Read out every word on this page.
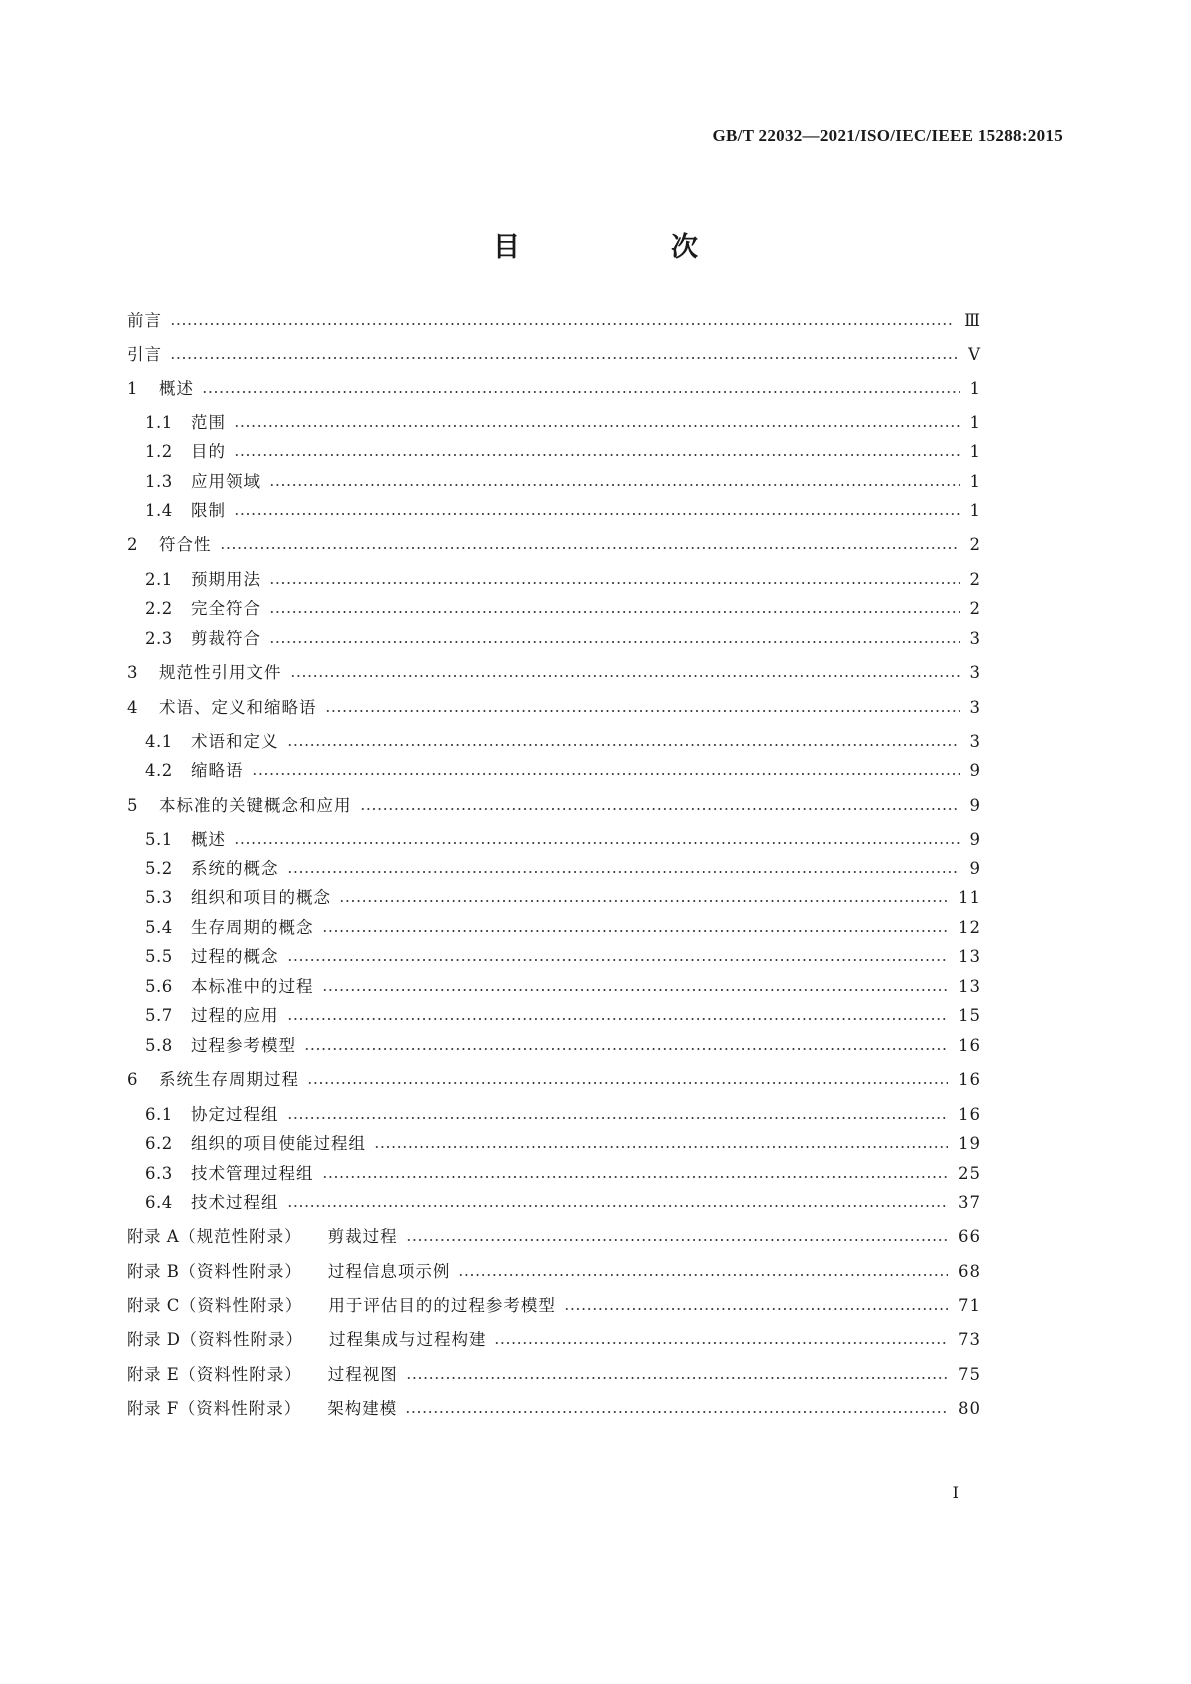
GB/T 22032—2021/ISO/IEC/IEEE 15288:2015
目　次
前言	Ⅲ
引言	Ⅴ
1 概述	1
1.1 范围	1
1.2 目的	1
1.3 应用领域	1
1.4 限制	1
2 符合性	2
2.1 预期用法	2
2.2 完全符合	2
2.3 剪裁符合	3
3 规范性引用文件	3
4 术语、定义和缩略语	3
4.1 术语和定义	3
4.2 缩略语	9
5 本标准的关键概念和应用	9
5.1 概述	9
5.2 系统的概念	9
5.3 组织和项目的概念	11
5.4 生存周期的概念	12
5.5 过程的概念	13
5.6 本标准中的过程	13
5.7 过程的应用	15
5.8 过程参考模型	16
6 系统生存周期过程	16
6.1 协定过程组	16
6.2 组织的项目使能过程组	19
6.3 技术管理过程组	25
6.4 技术过程组	37
附录 A（规范性附录） 剪裁过程	66
附录 B（资料性附录） 过程信息项示例	68
附录 C（资料性附录） 用于评估目的的过程参考模型	71
附录 D（资料性附录） 过程集成与过程构建	73
附录 E（资料性附录） 过程视图	75
附录 F（资料性附录） 架构建模	80
Ⅰ
